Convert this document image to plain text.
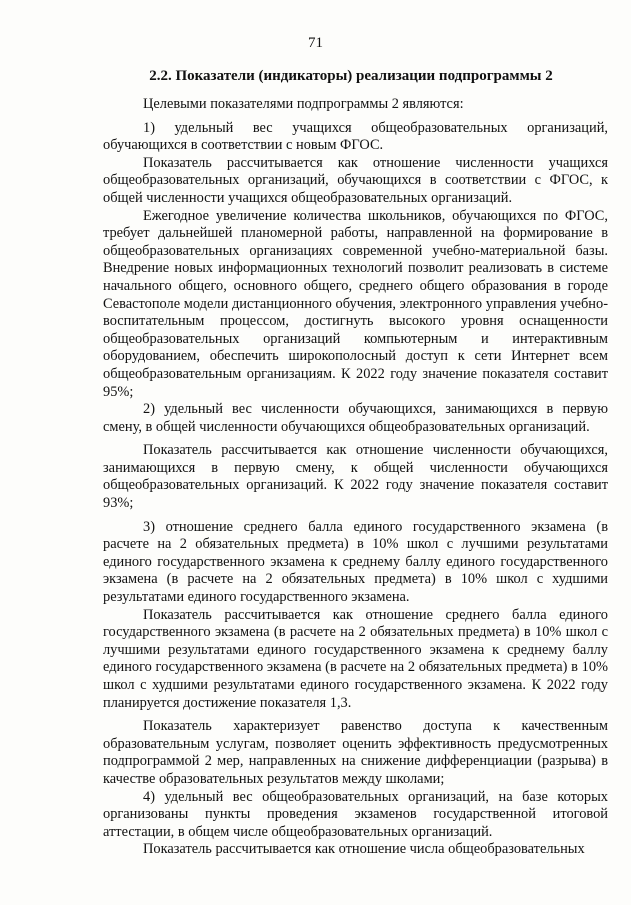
71
2.2. Показатели (индикаторы) реализации подпрограммы 2

Целевыми показателями подпрограммы 2 являются:

1) удельный вес учащихся общеобразовательных организаций, обучающихся в соответствии с новым ФГОС.

Показатель рассчитывается как отношение численности учащихся общеобразовательных организаций, обучающихся в соответствии с ФГОС, к общей численности учащихся общеобразовательных организаций.

Ежегодное увеличение количества школьников, обучающихся по ФГОС, требует дальнейшей планомерной работы, направленной на формирование в общеобразовательных организациях современной учебно-материальной базы. Внедрение новых информационных технологий позволит реализовать в системе начального общего, основного общего, среднего общего образования в городе Севастополе модели дистанционного обучения, электронного управления учебно-воспитательным процессом, достигнуть высокого уровня оснащенности общеобразовательных организаций компьютерным и интерактивным оборудованием, обеспечить широкополосный доступ к сети Интернет всем общеобразовательным организациям. К 2022 году значение показателя составит 95%;

2) удельный вес численности обучающихся, занимающихся в первую смену, в общей численности обучающихся общеобразовательных организаций.

Показатель рассчитывается как отношение численности обучающихся, занимающихся в первую смену, к общей численности обучающихся общеобразовательных организаций. К 2022 году значение показателя составит 93%;

3) отношение среднего балла единого государственного экзамена (в расчете на 2 обязательных предмета) в 10% школ с лучшими результатами единого государственного экзамена к среднему баллу единого государственного экзамена (в расчете на 2 обязательных предмета) в 10% школ с худшими результатами единого государственного экзамена.

Показатель рассчитывается как отношение среднего балла единого государственного экзамена (в расчете на 2 обязательных предмета) в 10% школ с лучшими результатами единого государственного экзамена к среднему баллу единого государственного экзамена (в расчете на 2 обязательных предмета) в 10% школ с худшими результатами единого государственного экзамена. К 2022 году планируется достижение показателя 1,3.

Показатель характеризует равенство доступа к качественным образовательным услугам, позволяет оценить эффективность предусмотренных подпрограммой 2 мер, направленных на снижение дифференциации (разрыва) в качестве образовательных результатов между школами;

4) удельный вес общеобразовательных организаций, на базе которых организованы пункты проведения экзаменов государственной итоговой аттестации, в общем числе общеобразовательных организаций.

Показатель рассчитывается как отношение числа общеобразовательных
